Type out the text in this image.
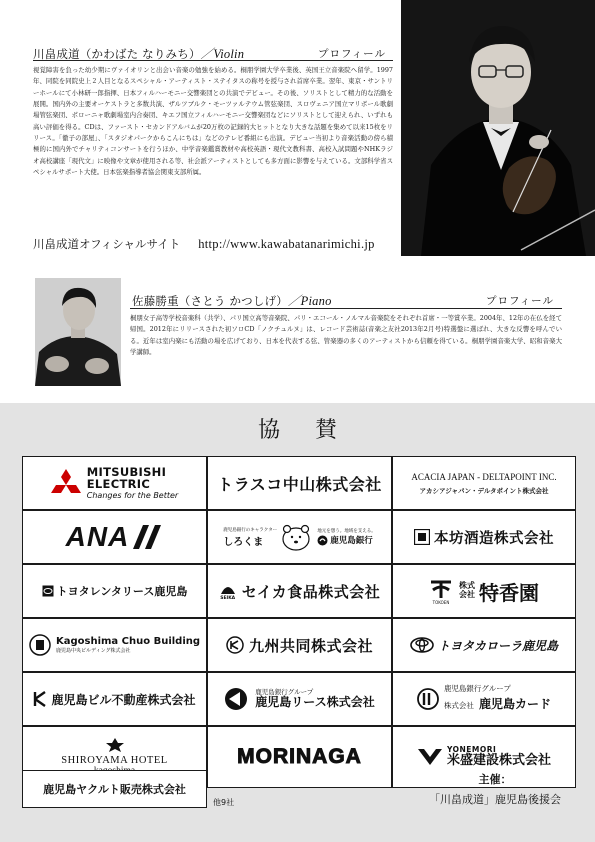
川畠成道（かわばた なりみち）／Violin	プロフィール
視覚障害を負った幼少期にヴァイオリンと出会い音楽の勉強を始める。桐朋学園大学卒業後、英国王立音楽院へ留学。1997年、同院を同院史上２人目となるスペシャル・アーティスト・ステイタスの称号を授与され首席卒業。翌年、東京・サントリーホールにて小林研一郎指揮、日本フィルハーモニー交響楽団との共演でデビュー。その後、ソリストとして精力的な活動を展開。国内外の主要オーケストラと多数共演、ザルツブルク・モーツァルテウム管弦楽団、スロヴェニア国立マリボール歌劇場管弦楽団、ボローニャ歌劇場室内合奏団、キエフ国立フィルハーモニー交響楽団などにソリストとして迎えられ、いずれも高い評価を得る。CDは、ファースト・セカンドアルバムが20万枚の記録的大ヒットとなり大きな話題を集めて以来15枚をリリース。「徹子の部屋」、「スタジオパークからこんにちは」などのテレビ番組にも出演。デビュー当初より音楽活動の傍ら積極的に国内外でチャリティコンサートを行うほか、中学音楽鑑賞教材や高校英語・現代文教科書、高校入試問題やNHKラジオ高校講座「現代文」に映像や文章が使用される等、社会派アーティストとしても多方面に影響を与えている。文部科学省スペシャルサポート大使。日本弦楽指導者協会関東支部所属。
川畠成道オフィシャルサイト http://www.kawabatanarimichi.jp
佐藤勝重（さとう かつしげ）／Piano	プロフィール
桐朋女子高等学校音楽科（共学）、パリ国立高等音楽院、パリ・エコール・ノルマル音楽院をそれぞれ首席・一等賞卒業。2004年、12年の在仏を経て帰国。2012年にリリースされた初ソロCD「ノクチュルヌ」は、レコード芸術誌(音楽之友社2013年2月号)特選盤に選ばれ、大きな反響を呼んでいる。近年は室内楽にも活動の場を広げており、日本を代表する弦、管楽器の多くのアーティストから信頼を得ている。桐朋学園音楽大学、昭和音楽大学講師。
協 賛
MITSUBISHI
ELECTRIC
Changes for the Better
トラスコ中山株式会社	ACACIA JAPAN - DELTAPOINT INC.
アカシアジャパン・デルタポイント株式会社
ANA	鹿児島銀行のキャラクター
しろくま
地元を想う。地域を支える。
鹿児島銀行	本坊酒造株式会社
トヨタレンタリース鹿児島	SEIKA セイカ食品株式会社
TOKOEN
株式
会社 特香園
Kagoshima Chuo Building
鹿児島中央ビルディング株式会社	九州共同株式会社	トヨタカローラ鹿児島
鹿児島ビル不動産株式会社
鹿児島銀行グループ
鹿児島リース株式会社
鹿児島銀行グループ
株式会社 鹿児島カード
SHIROYAMA HOTEL	MORINAGA	YONEMORI
米盛建設株式会社
鹿児島ヤクルト販売株式会社
他9社
主催：
「川畠成道」鹿児島後援会
